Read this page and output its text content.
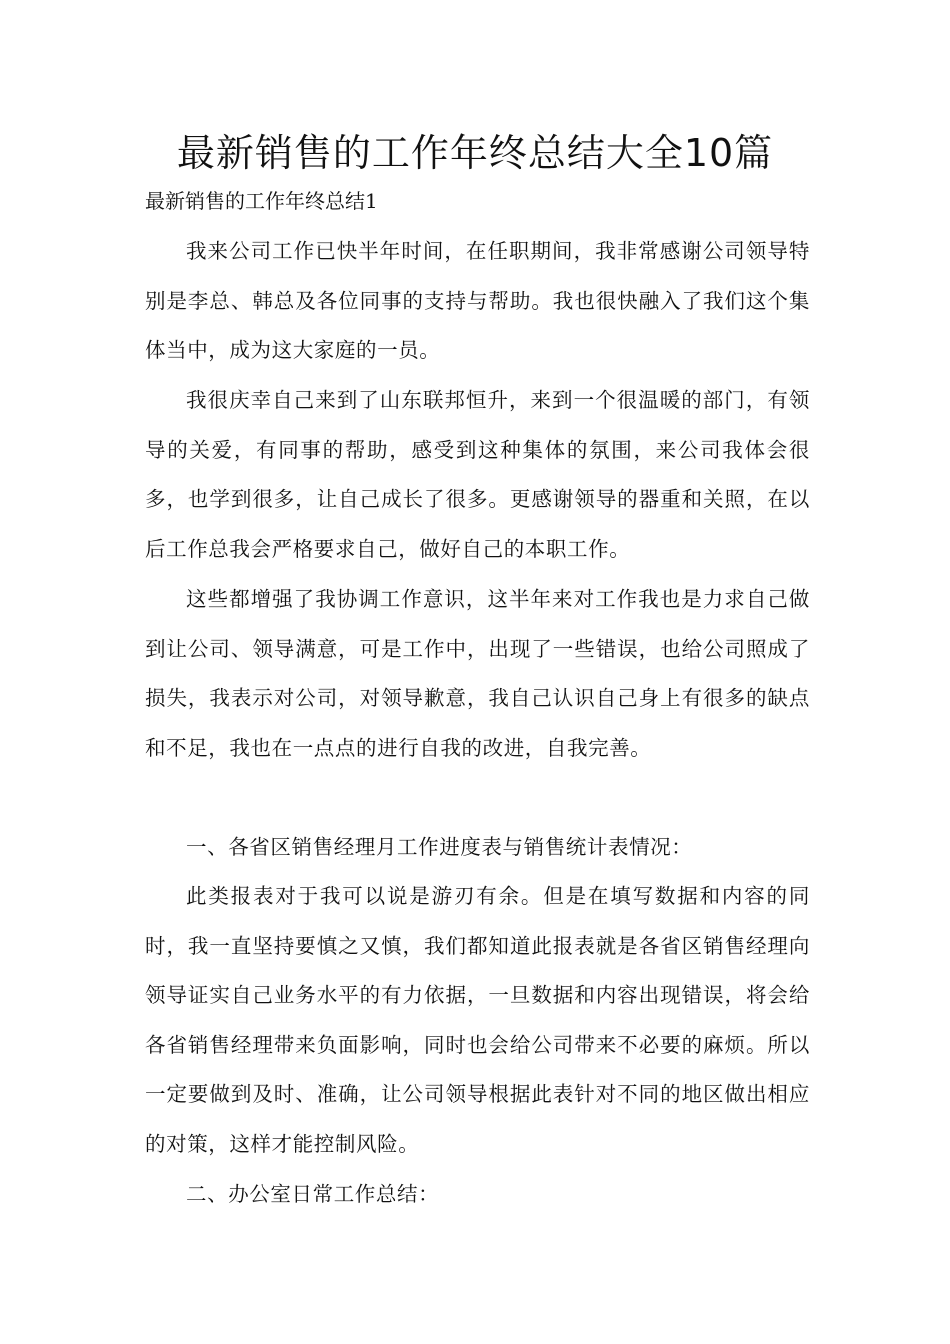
最新销售的工作年终总结大全10篇
最新销售的工作年终总结1
我来公司工作已快半年时间，在任职期间，我非常感谢公司领导特别是李总、韩总及各位同事的支持与帮助。我也很快融入了我们这个集体当中，成为这大家庭的一员。
我很庆幸自己来到了山东联邦恒升，来到一个很温暖的部门，有领导的关爱，有同事的帮助，感受到这种集体的氛围，来公司我体会很多，也学到很多，让自己成长了很多。更感谢领导的器重和关照，在以后工作总我会严格要求自己，做好自己的本职工作。
这些都增强了我协调工作意识，这半年来对工作我也是力求自己做到让公司、领导满意，可是工作中，出现了一些错误，也给公司照成了损失，我表示对公司，对领导歉意，我自己认识自己身上有很多的缺点和不足，我也在一点点的进行自我的改进，自我完善。
一、各省区销售经理月工作进度表与销售统计表情况：
此类报表对于我可以说是游刃有余。但是在填写数据和内容的同时，我一直坚持要慎之又慎，我们都知道此报表就是各省区销售经理向领导证实自己业务水平的有力依据，一旦数据和内容出现错误，将会给各省销售经理带来负面影响，同时也会给公司带来不必要的麻烦。所以一定要做到及时、准确，让公司领导根据此表针对不同的地区做出相应的对策，这样才能控制风险。
二、办公室日常工作总结：
